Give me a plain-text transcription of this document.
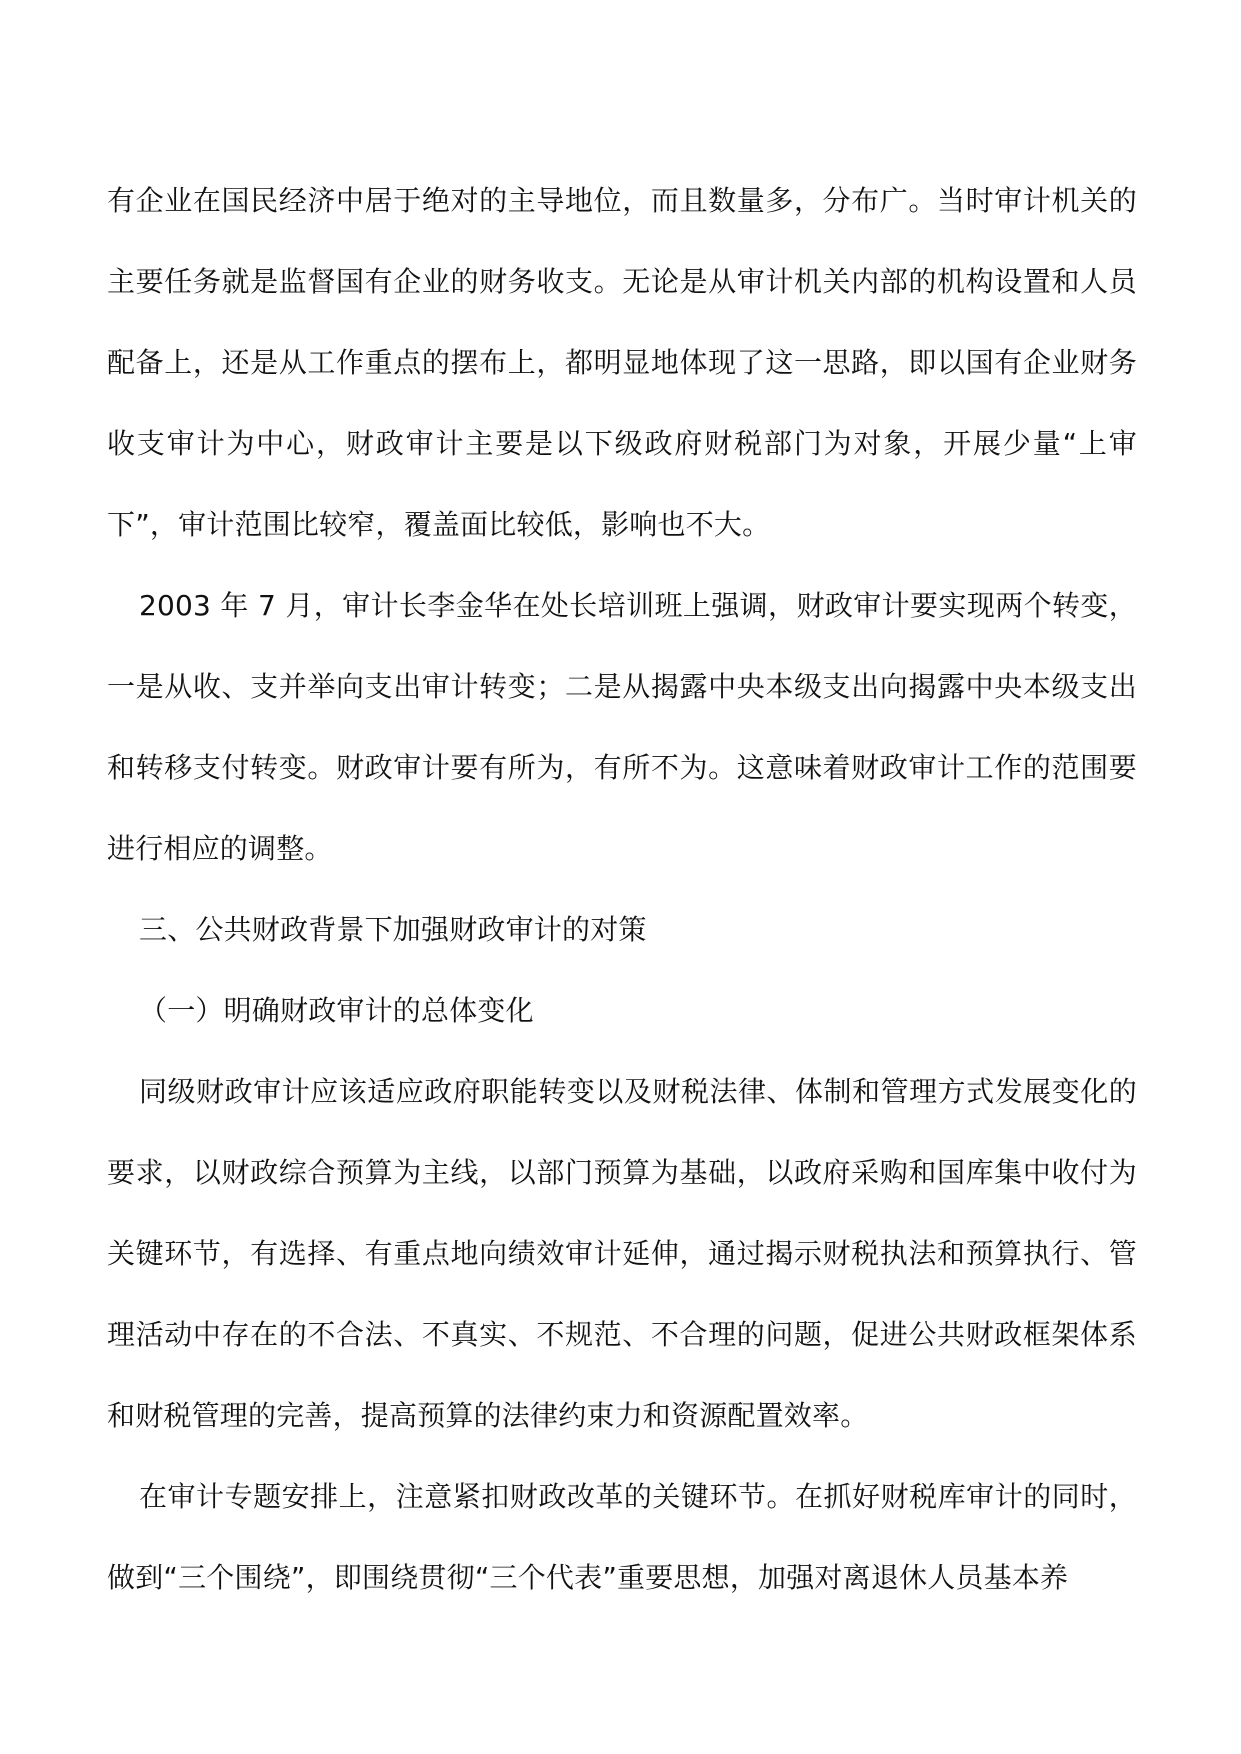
有企业在国民经济中居于绝对的主导地位，而且数量多，分布广。当时审计机关的主要任务就是监督国有企业的财务收支。无论是从审计机关内部的机构设置和人员配备上，还是从工作重点的摆布上，都明显地体现了这一思路，即以国有企业财务收支审计为中心，财政审计主要是以下级政府财税部门为对象，开展少量“上审下”，审计范围比较窄，覆盖面比较低，影响也不大。

2003 年 7 月，审计长李金华在处长培训班上强调，财政审计要实现两个转变，一是从收、支并举向支出审计转变；二是从揭露中央本级支出向揭露中央本级支出和转移支付转变。财政审计要有所为，有所不为。这意味着财政审计工作的范围要进行相应的调整。

三、公共财政背景下加强财政审计的对策

（一）明确财政审计的总体变化

同级财政审计应该适应政府职能转变以及财税法律、体制和管理方式发展变化的要求，以财政综合预算为主线，以部门预算为基础，以政府采购和国库集中收付为关键环节，有选择、有重点地向绩效审计延伸，通过揭示财税执法和预算执行、管理活动中存在的不合法、不真实、不规范、不合理的问题，促进公共财政框架体系和财税管理的完善，提高预算的法律约束力和资源配置效率。

在审计专题安排上，注意紧扣财政改革的关键环节。在抓好财税库审计的同时，做到“三个围绕”，即围绕贯彻“三个代表”重要思想，加强对离退休人员基本养
